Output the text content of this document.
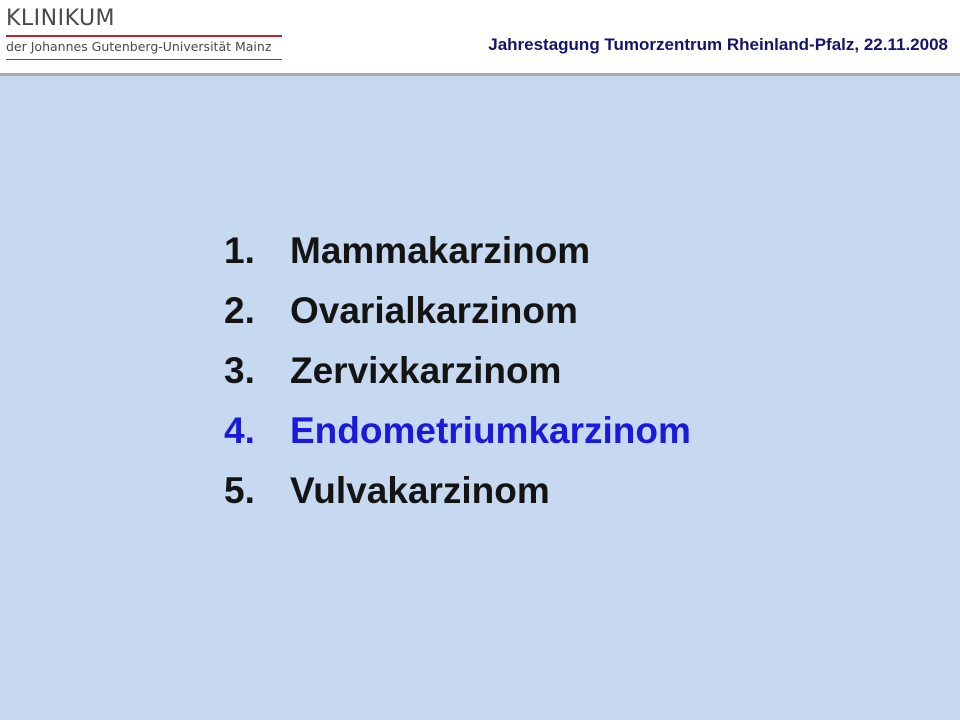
KLINIKUM
der Johannes Gutenberg-Universität Mainz	Jahrestagung Tumorzentrum Rheinland-Pfalz, 22.11.2008
1. Mammakarzinom
2. Ovarialkarzinom
3. Zervixkarzinom
4. Endometriumkarzinom
5. Vulvakarzinom
